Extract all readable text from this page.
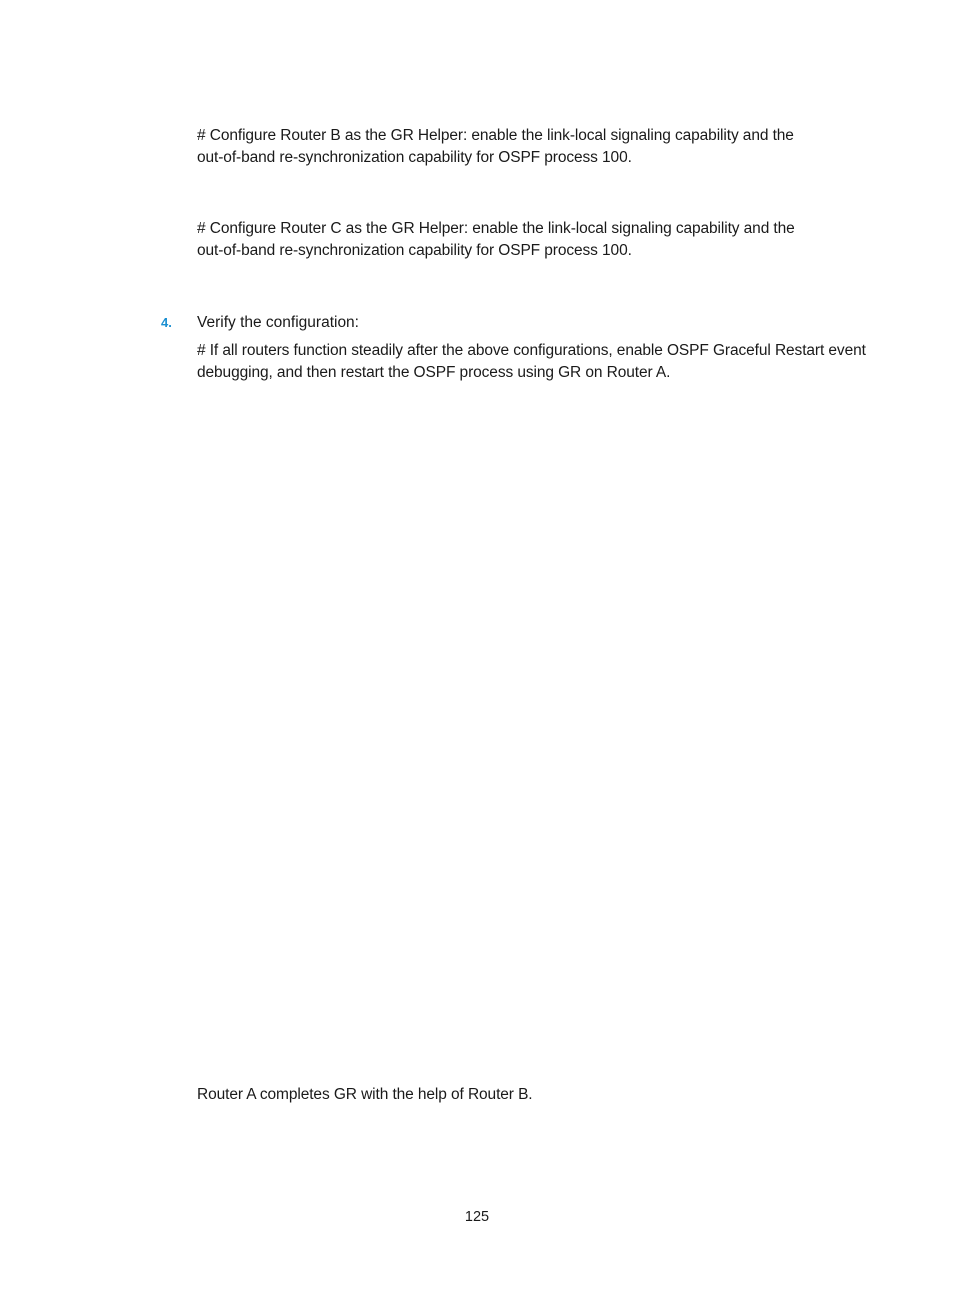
# Configure Router B as the GR Helper: enable the link-local signaling capability and the
out-of-band re-synchronization capability for OSPF process 100.

# Configure Router C as the GR Helper: enable the link-local signaling capability and the
out-of-band re-synchronization capability for OSPF process 100.

4. Verify the configuration:

# If all routers function steadily after the above configurations, enable OSPF Graceful Restart event
debugging, and then restart the OSPF process using GR on Router A.

Router A completes GR with the help of Router B.

125
